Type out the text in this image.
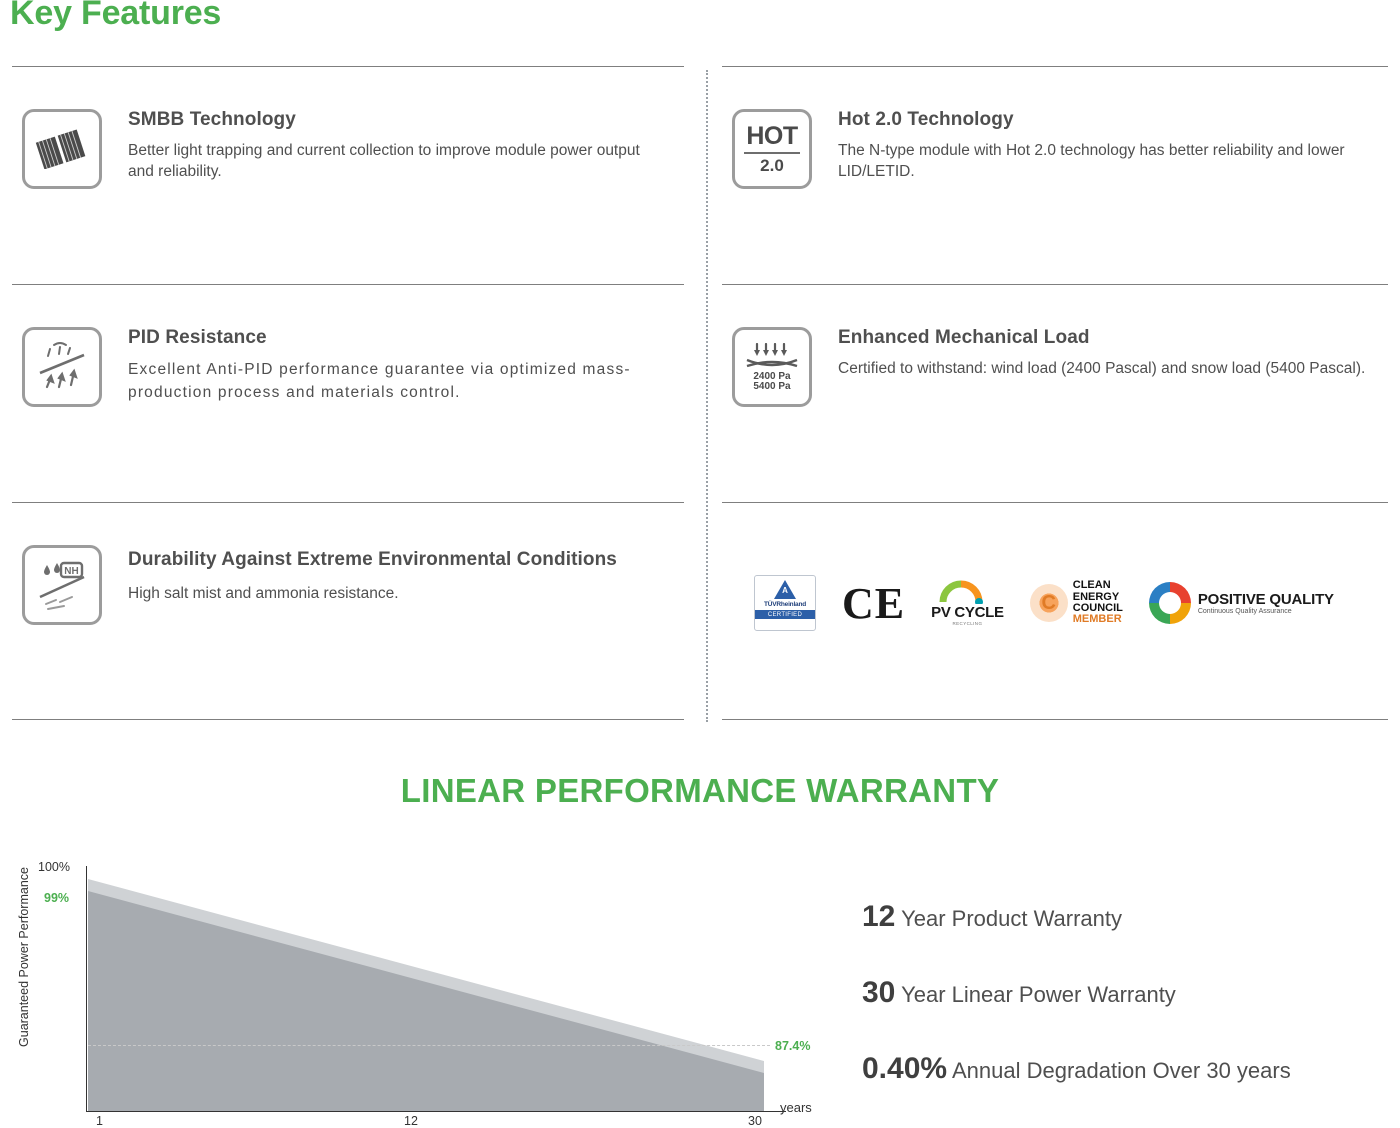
Key Features

SMBB Technology

Better light trapping and current collection to improve module power output and reliability.

PID Resistance

Excellent Anti-PID performance guarantee via optimized mass-production process and materials control.

NH

Durability Against Extreme Environmental Conditions

High salt mist and ammonia resistance.

HOT
2.0

Hot 2.0 Technology

The N-type module with Hot 2.0 technology has better reliability and lower LID/LETID.

2400 Pa
5400 Pa

Enhanced Mechanical Load

Certified to withstand: wind load (2400 Pascal) and snow load (5400 Pascal).

A
TÜVRheinland
CERTIFIED CE PV CYCLE
RECYCLING
C
CLEAN
ENERGY
COUNCIL
MEMBER
POSITIVE QUALITY
Continuous Quality Assurance
LINEAR PERFORMANCE WARRANTY
Guaranteed Power Performance
100%
99%
87.4%
1	12	30
years
12 Year Product Warranty
30 Year Linear Power Warranty
0.40% Annual Degradation Over 30 years
